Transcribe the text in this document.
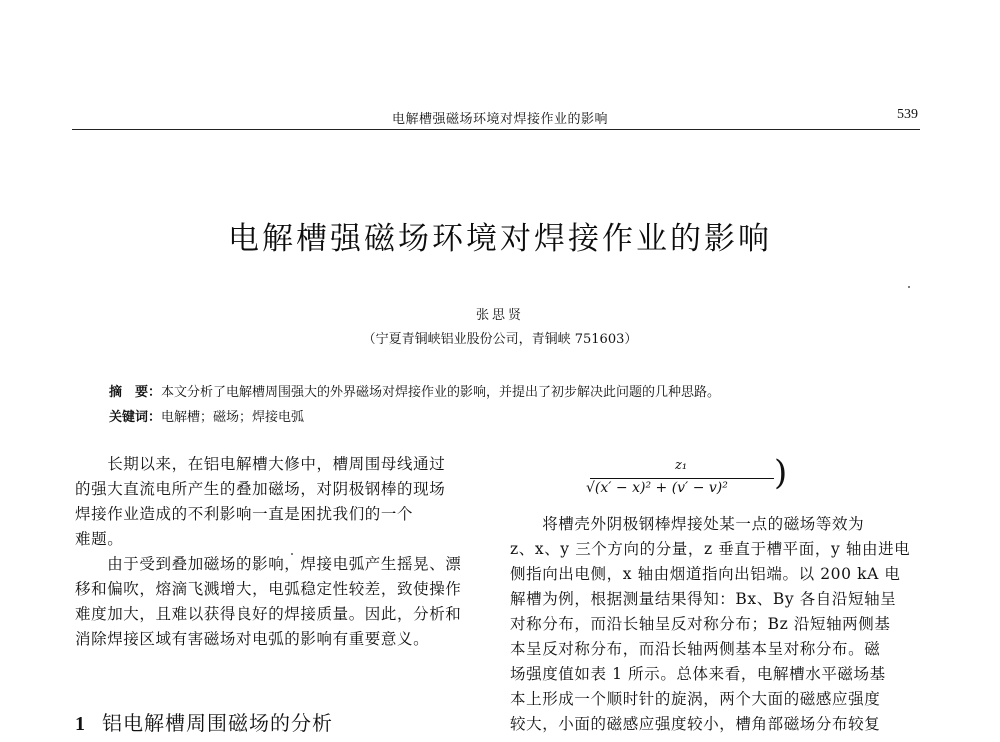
电解槽强磁场环境对焊接作业的影响	539
电解槽强磁场环境对焊接作业的影响
张思贤
（宁夏青铜峡铝业股份公司，青铜峡 751603）
摘　要：本文分析了电解槽周围强大的外界磁场对焊接作业的影响，并提出了初步解决此问题的几种思路。
关键词：电解槽；磁场；焊接电弧

　　长期以来，在铝电解槽大修中，槽周围母线通过

的强大直流电所产生的叠加磁场，对阴极钢棒的现场

焊接作业造成的不利影响一直是困扰我们的一个

难题。

　　由于受到叠加磁场的影响，焊接电弧产生摇晃、漂

移和偏吹，熔滴飞溅增大，电弧稳定性较差，致使操作

难度加大，且难以获得良好的焊接质量。因此，分析和

消除焊接区域有害磁场对电弧的影响有重要意义。

1 铝电解槽周围磁场的分析
z₁
√(x′ − x)² + (v′ − v)² )

　　将槽壳外阴极钢棒焊接处某一点的磁场等效为

z、x、y 三个方向的分量，z 垂直于槽平面，y 轴由进电

侧指向出电侧，x 轴由烟道指向出铝端。以 200 kA 电

解槽为例，根据测量结果得知：Bx、By 各自沿短轴呈

对称分布，而沿长轴呈反对称分布；Bz 沿短轴两侧基

本呈反对称分布，而沿长轴两侧基本呈对称分布。磁

场强度值如表 1 所示。总体来看，电解槽水平磁场基

本上形成一个顺时针的旋涡，两个大面的磁感应强度

较大，小面的磁感应强度较小，槽角部磁场分布较复
